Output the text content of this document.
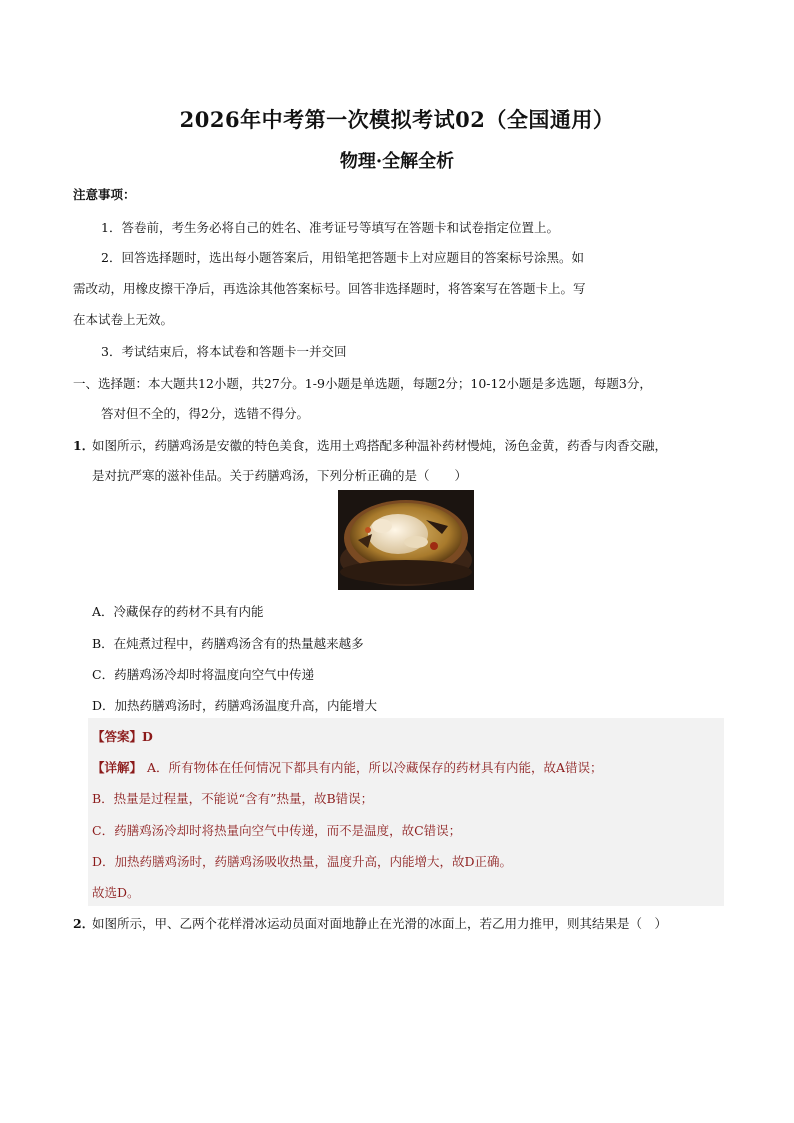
2026年中考第一次模拟考试02（全国通用）
物理·全解全析
注意事项：
1．答卷前，考生务必将自己的姓名、准考证号等填写在答题卡和试卷指定位置上。
2．回答选择题时，选出每小题答案后，用铅笔把答题卡上对应题目的答案标号涂黑。如
需改动，用橡皮擦干净后，再选涂其他答案标号。回答非选择题时，将答案写在答题卡上。写
在本试卷上无效。
3．考试结束后，将本试卷和答题卡一并交回
一、选择题：本大题共12小题，共27分。1-9小题是单选题，每题2分；10-12小题是多选题，每题3分，
答对但不全的，得2分，选错不得分。
1．
如图所示，药膳鸡汤是安徽的特色美食，选用土鸡搭配多种温补药材慢炖，汤色金黄，药香与肉香交融，
是对抗严寒的滋补佳品。关于药膳鸡汤，下列分析正确的是（　　）
A．冷藏保存的药材不具有内能
B．在炖煮过程中，药膳鸡汤含有的热量越来越多
C．药膳鸡汤冷却时将温度向空气中传递
D．加热药膳鸡汤时，药膳鸡汤温度升高，内能增大
【答案】D
【详解】 A．所有物体在任何情况下都具有内能，所以冷藏保存的药材具有内能，故A错误；
B．热量是过程量，不能说“含有”热量，故B错误；
C．药膳鸡汤冷却时将热量向空气中传递，而不是温度，故C错误；
D．加热药膳鸡汤时，药膳鸡汤吸收热量，温度升高，内能增大，故D正确。
故选D。
2．
如图所示，甲、乙两个花样滑冰运动员面对面地静止在光滑的冰面上，若乙用力推甲，则其结果是（　）
